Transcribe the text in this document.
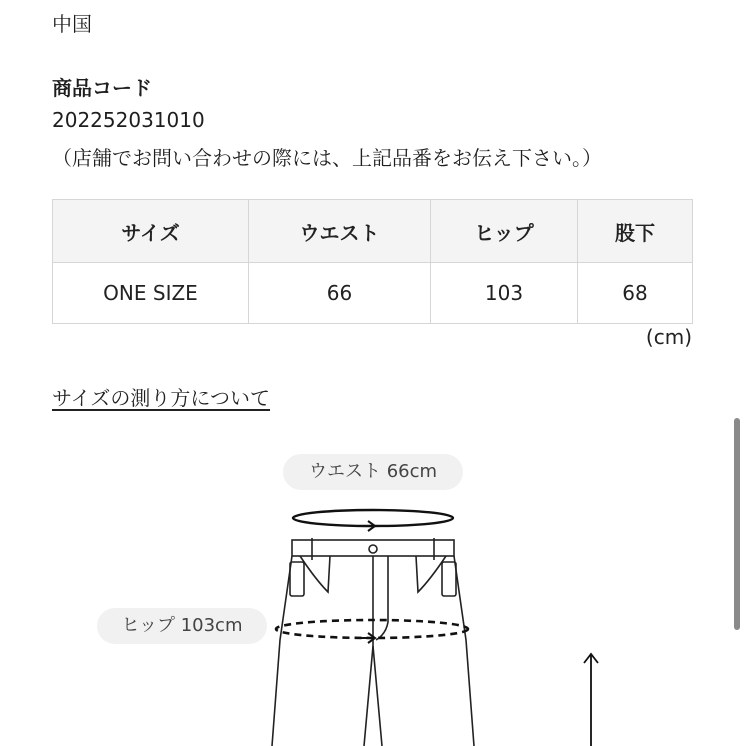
中国
商品コード
202252031010
（店舗でお問い合わせの際には、上記品番をお伝え下さい。）
サイズ	ウエスト	ヒップ	股下
ONE SIZE	66	103	68
(cm)
サイズの測り方について
ウエスト 66cm
ヒップ 103cm
